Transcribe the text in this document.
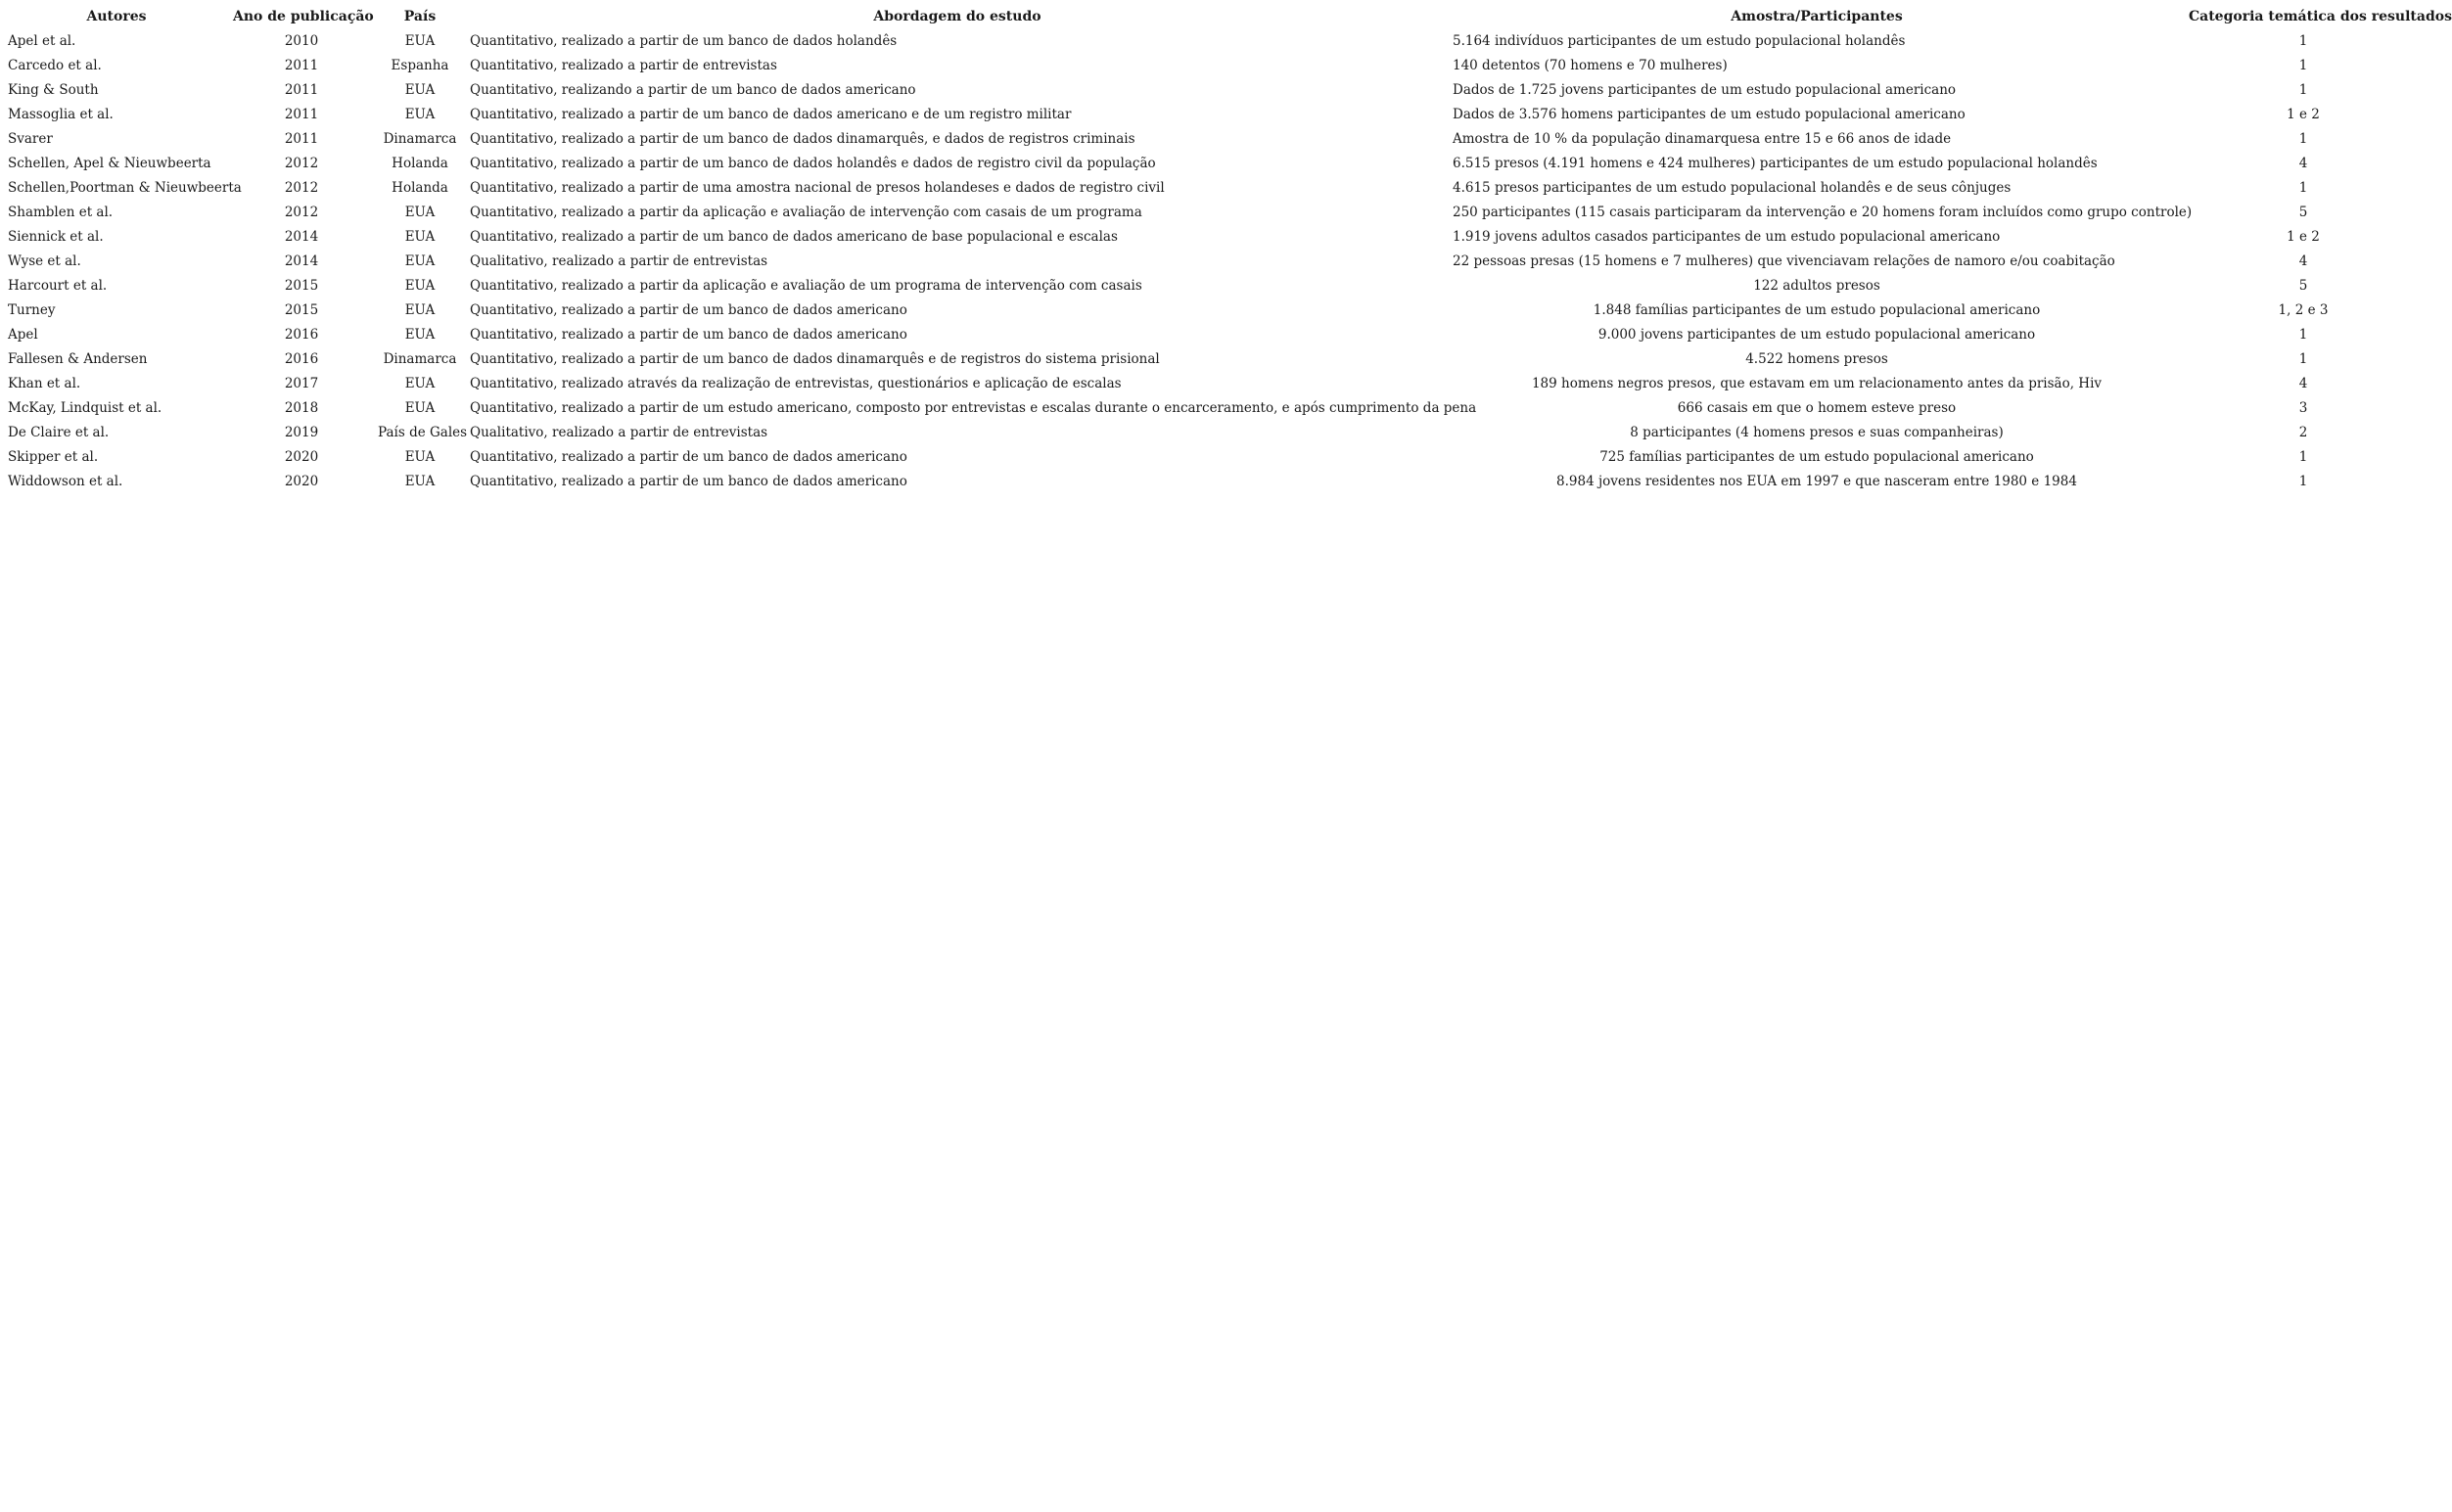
Autores	Ano de publicação	País	Abordagem do estudo	Amostra/Participantes	Categoria temática dos resultados
Apel et al.	2010	EUA	Quantitativo, realizado a partir de um banco de dados holandês	5.164 indivíduos participantes de um estudo populacional holandês	1
Carcedo et al.	2011	Espanha	Quantitativo, realizado a partir de entrevistas	140 detentos (70 homens e 70 mulheres)	1
King & South	2011	EUA	Quantitativo, realizando a partir de um banco de dados americano	Dados de 1.725 jovens participantes de um estudo populacional americano	1
Massoglia et al.	2011	EUA	Quantitativo, realizado a partir de um banco de dados americano e de um registro militar	Dados de 3.576 homens participantes de um estudo populacional americano	1 e 2
Svarer	2011	Dinamarca	Quantitativo, realizado a partir de um banco de dados dinamarquês, e dados de registros criminais	Amostra de 10 % da população dinamarquesa entre 15 e 66 anos de idade	1
Schellen, Apel & Nieuwbeerta	2012	Holanda	Quantitativo, realizado a partir de um banco de dados holandês e dados de registro civil da população	6.515 presos (4.191 homens e 424 mulheres) participantes de um estudo populacional holandês	4
Schellen,Poortman & Nieuwbeerta	2012	Holanda	Quantitativo, realizado a partir de uma amostra nacional de presos holandeses e dados de registro civil	4.615 presos participantes de um estudo populacional holandês e de seus cônjuges	1
Shamblen et al.	2012	EUA	Quantitativo, realizado a partir da aplicação e avaliação de intervenção com casais de um programa	250 participantes (115 casais participaram da intervenção e 20 homens foram incluídos como grupo controle)	5
Siennick et al.	2014	EUA	Quantitativo, realizado a partir de um banco de dados americano de base populacional e escalas	1.919 jovens adultos casados participantes de um estudo populacional americano	1 e 2
Wyse et al.	2014	EUA	Qualitativo, realizado a partir de entrevistas	22 pessoas presas (15 homens e 7 mulheres) que vivenciavam relações de namoro e/ou coabitação	4
Harcourt et al.	2015	EUA	Quantitativo, realizado a partir da aplicação e avaliação de um programa de intervenção com casais	122 adultos presos	5
Turney	2015	EUA	Quantitativo, realizado a partir de um banco de dados americano	1.848 famílias participantes de um estudo populacional americano	1, 2 e 3
Apel	2016	EUA	Quantitativo, realizado a partir de um banco de dados americano	9.000 jovens participantes de um estudo populacional americano	1
Fallesen & Andersen	2016	Dinamarca	Quantitativo, realizado a partir de um banco de dados dinamarquês e de registros do sistema prisional	4.522 homens presos	1
Khan et al.	2017	EUA	Quantitativo, realizado através da realização de entrevistas, questionários e aplicação de escalas	189 homens negros presos, que estavam em um relacionamento antes da prisão, Hiv	4
McKay, Lindquist et al.	2018	EUA	Quantitativo, realizado a partir de um estudo americano, composto por entrevistas e escalas durante o encarceramento, e após cumprimento da pena	666 casais em que o homem esteve preso	3
De Claire et al.	2019	País de Gales	Qualitativo, realizado a partir de entrevistas	8 participantes (4 homens presos e suas companheiras)	2
Skipper et al.	2020	EUA	Quantitativo, realizado a partir de um banco de dados americano	725 famílias participantes de um estudo populacional americano	1
Widdowson et al.	2020	EUA	Quantitativo, realizado a partir de um banco de dados americano	8.984 jovens residentes nos EUA em 1997 e que nasceram entre 1980 e 1984	1
